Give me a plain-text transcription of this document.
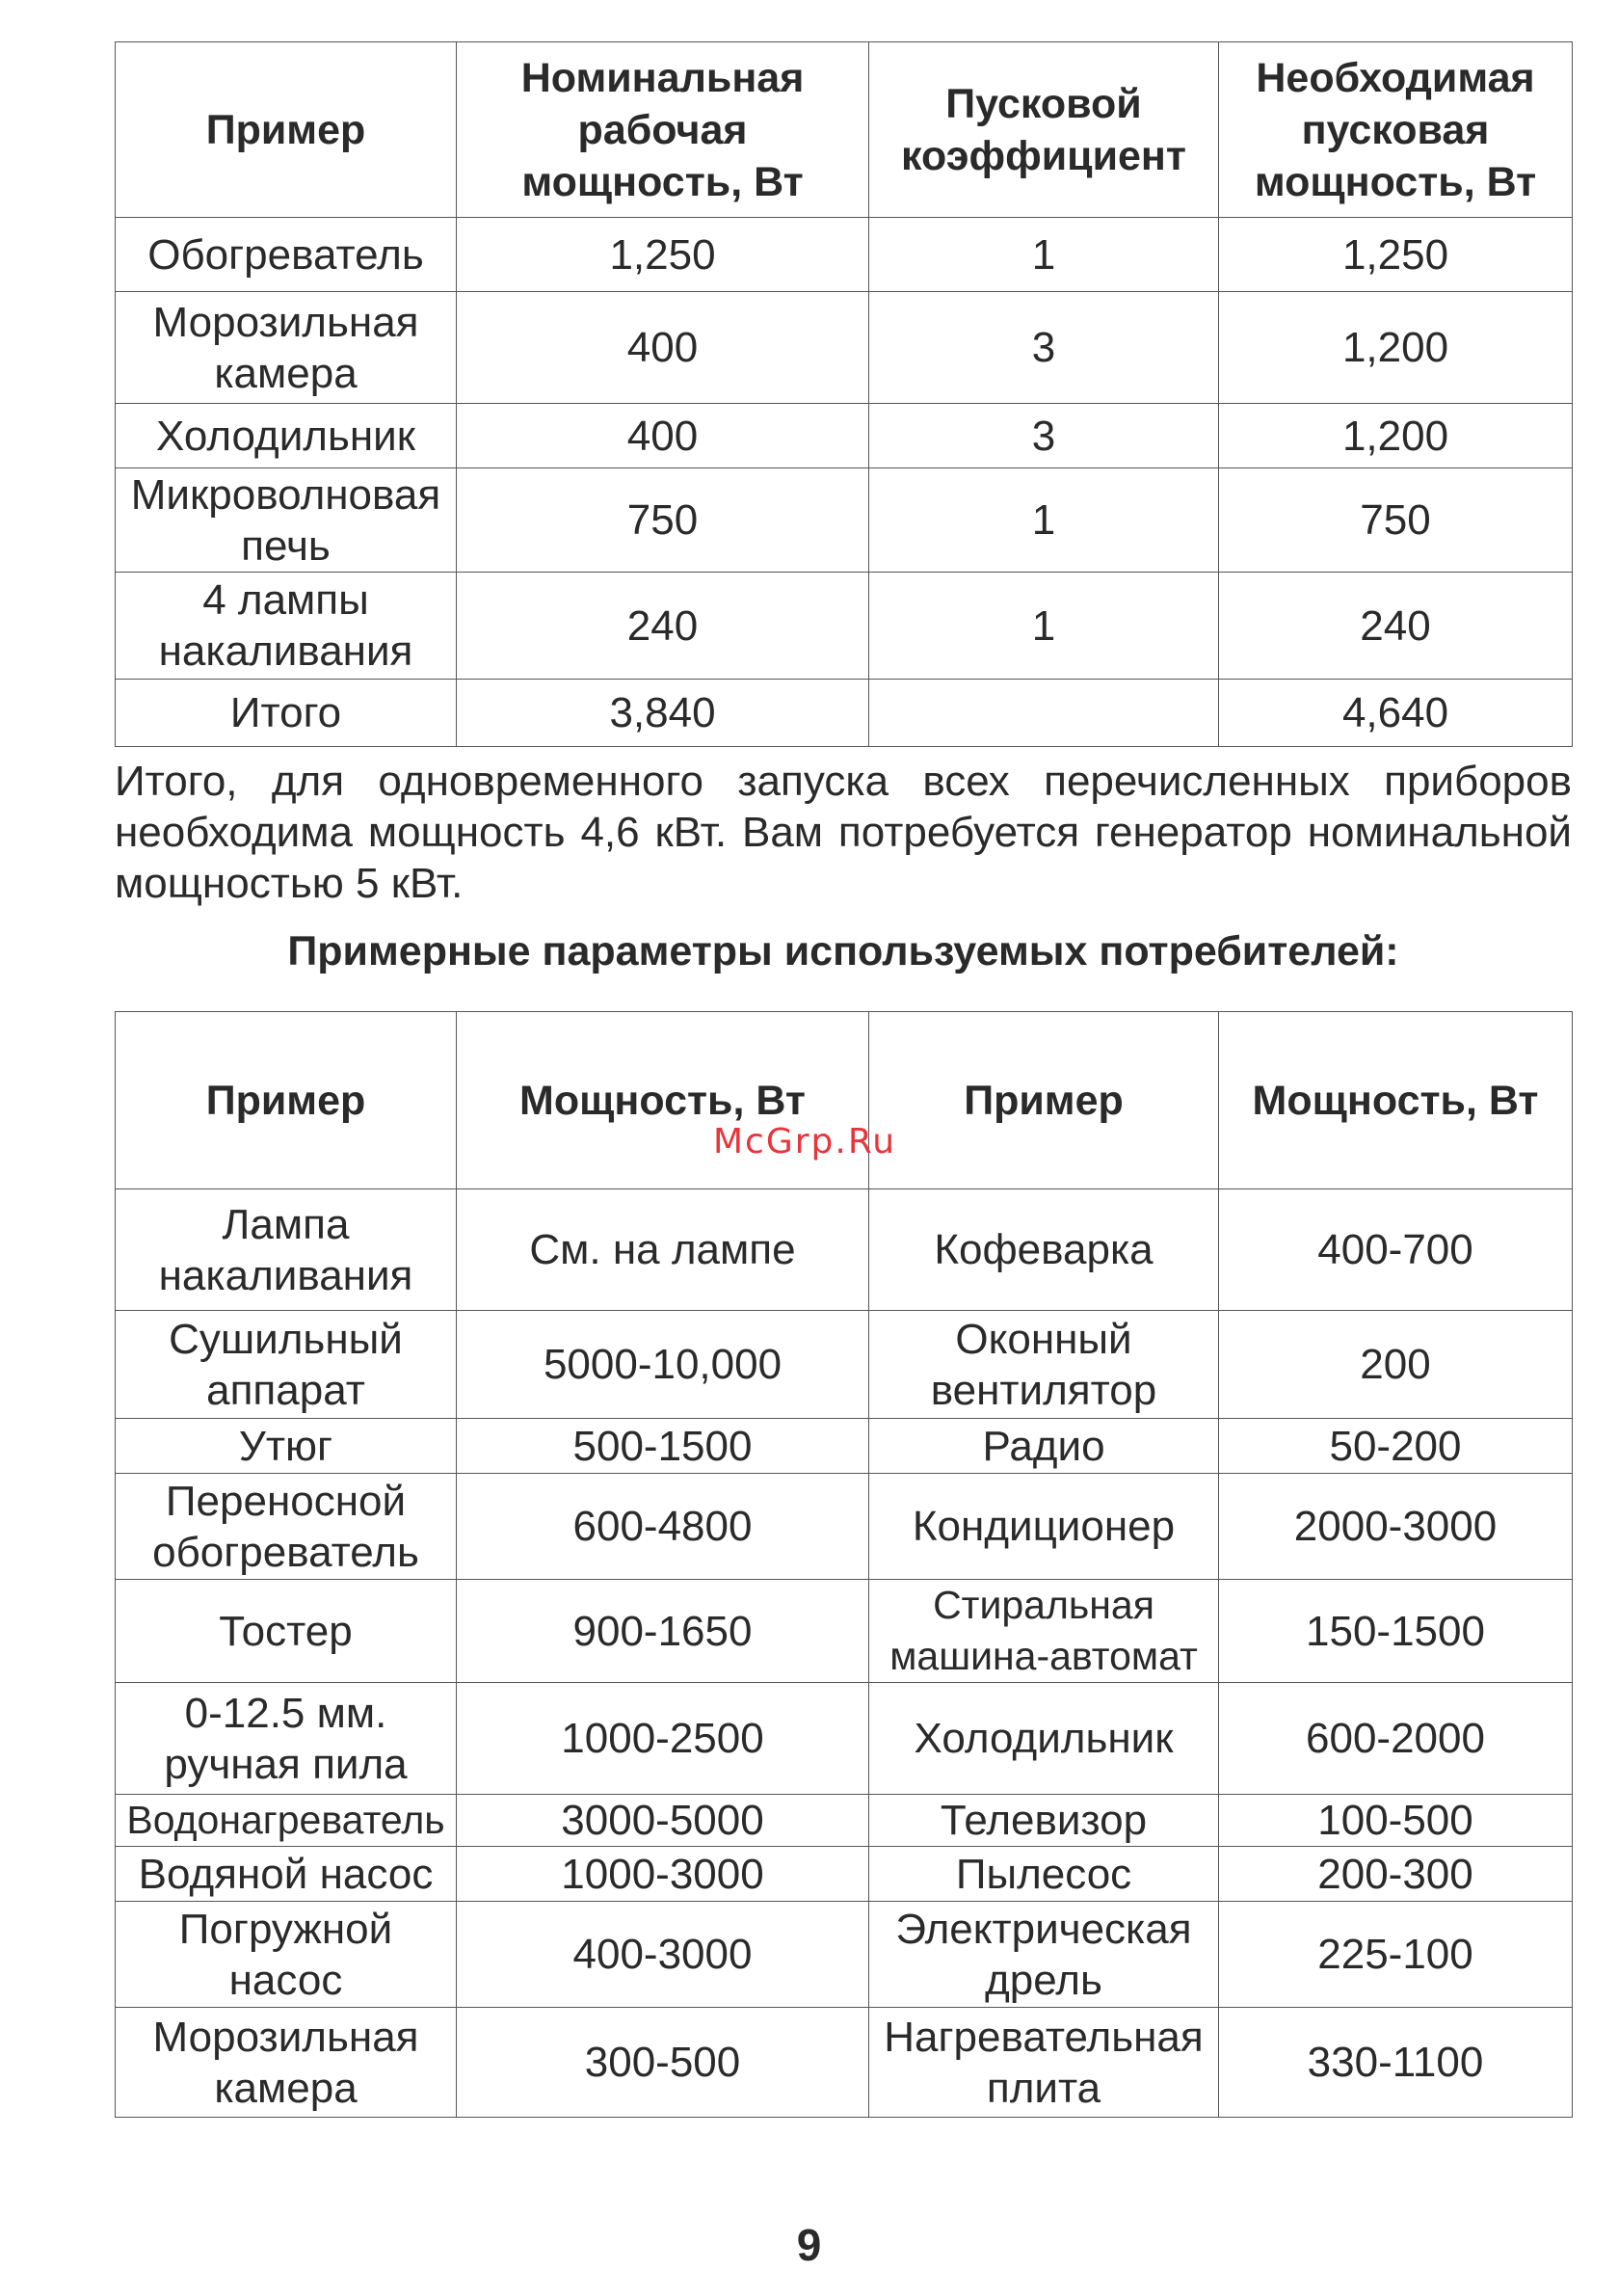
Пример	Номинальная
рабочая
мощность, Вт	Пусковой
коэффициент	Необходимая
пусковая
мощность, Вт

Обогреватель	1,250	1	1,250

Морозильная
камера	400	3	1,200

Холодильник	400	3	1,200

Микроволновая
печь	750	1	750

4 лампы
накаливания	240	1	240

Итого	3,840		4,640
Итого, для одновременного запуска всех перечисленных приборов необходима мощность 4,6 кВт. Вам потребуется генератор номинальной мощностью 5 кВт.
Примерные параметры используемых потребителей:
Пример	Мощность, Вт	Пример	Мощность, Вт

Лампа
накаливания	См. на лампе	Кофеварка	400-700

Сушильный
аппарат	5000-10,000	Оконный
вентилятор	200

Утюг	500-1500	Радио	50-200

Переносной
обогреватель	600-4800	Кондиционер	2000-3000

Тостер	900-1650	Стиральная
машина-автомат	150-1500

0-12.5 мм.
ручная пила	1000-2500	Холодильник	600-2000

Водонагреватель	3000-5000	Телевизор	100-500

Водяной насос	1000-3000	Пылесос	200-300

Погружной
насос	400-3000	Электрическая
дрель	225-100

Морозильная
камера	300-500	Нагревательная
плита	330-1100
McGrp.Ru
9
